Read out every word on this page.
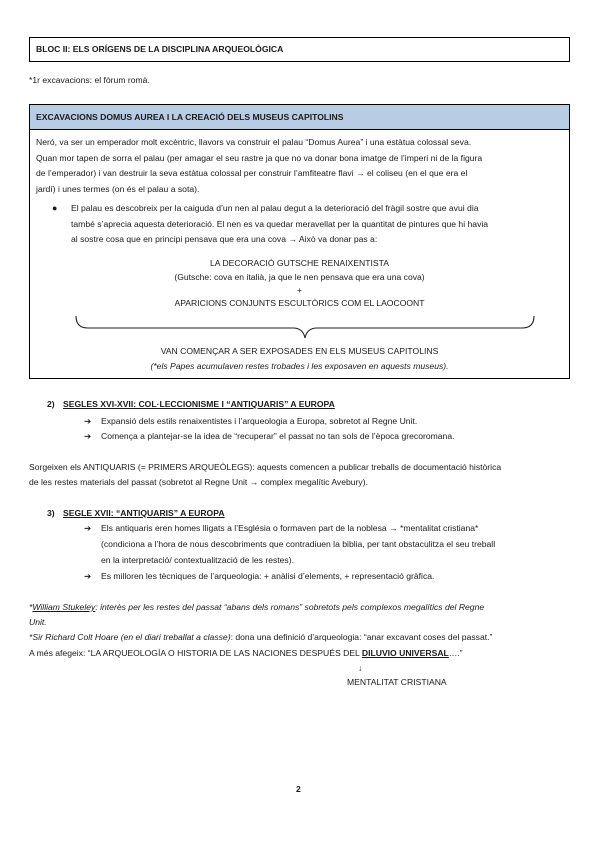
BLOC II: ELS ORÍGENS DE LA DISCIPLINA ARQUEOLÒGICA
*1r excavacions: el fòrum romà.
EXCAVACIONS DOMUS AUREA I LA CREACIÓ DELS MUSEUS CAPITOLINS
Neró, va ser un emperador molt excèntric, llavors va construir el palau “Domus Aurea” i una estàtua colossal seva.
Quan mor tapen de sorra el palau (per amagar el seu rastre ja que no va donar bona imatge de l’imperi ni de la figura
de l’emperador) i van destruir la seva estàtua colossal per construir l’amfiteatre flavi → el coliseu (en el que era el
jardí) i unes termes (on és el palau a sota).
● El palau es descobreix per la caiguda d’un nen al palau degut a la deterioració del fràgil sostre que avui dia
també s’apreciа aquesta deterioració. El nen es va quedar meravellat per la quantitat de pintures que hi havia
al sostre cosa que en principi pensava que era una cova → Això va donar pas a:
LA DECORACIÓ GUTSCHE RENAIXENTISTA
(Gutsche: cova en italià, ja que le nen pensava que era una cova)
+
APARICIONS CONJUNTS ESCULTÒRICS COM EL LAOCOONT
VAN COMENÇAR A SER EXPOSADES EN ELS MUSEUS CAPITOLINS
(*els Papes acumulaven restes trobades i les exposaven en aquests museus).
2) SEGLES XVI-XVII: COL·LECCIONISME I “ANTIQUARIS” A EUROPA
➔ Expansió dels estils renaixentistes i l’arqueologia a Europa, sobretot al Regne Unit.
➔ Comença a plantejar-se la idea de “recuperar” el passat no tan sols de l’època grecoromana.
Sorgeixen els ANTIQUARIS (= PRIMERS ARQUEÒLEGS): aquests comencen a publicar treballs de documentació històrica
de les restes materials del passat (sobretot al Regne Unit → complex megalític Avebury).
3) SEGLE XVII: “ANTIQUARIS” A EUROPA
➔ Els antiquaris eren homes lligats a l’Església o formaven part de la noblesa → *mentalitat cristiana*
(condiciona a l’hora de nous descobriments que contradiuen la biblia, per tant obstaculitza el seu treball
en la interpretació/ contextualització de les restes).
➔ Es milloren les tècniques de l’arqueologia: + anàlisi d’elements, + representació gràfica.
*William Stukeley: interès per les restes del passat “abans dels romans” sobretots pels complexos megalítics del Regne
Unit.
*Sir Richard Colt Hoare (en el diari treballat a classe): dona una definició d’arqueologia: “anar excavant coses del passat.”
A més afegeix: “LA ARQUEOLOGÍA O HISTORIA DE LAS NACIONES DESPUÉS DEL DILUVIO UNIVERSAL….”
↓
MENTALITAT CRISTIANA
2
